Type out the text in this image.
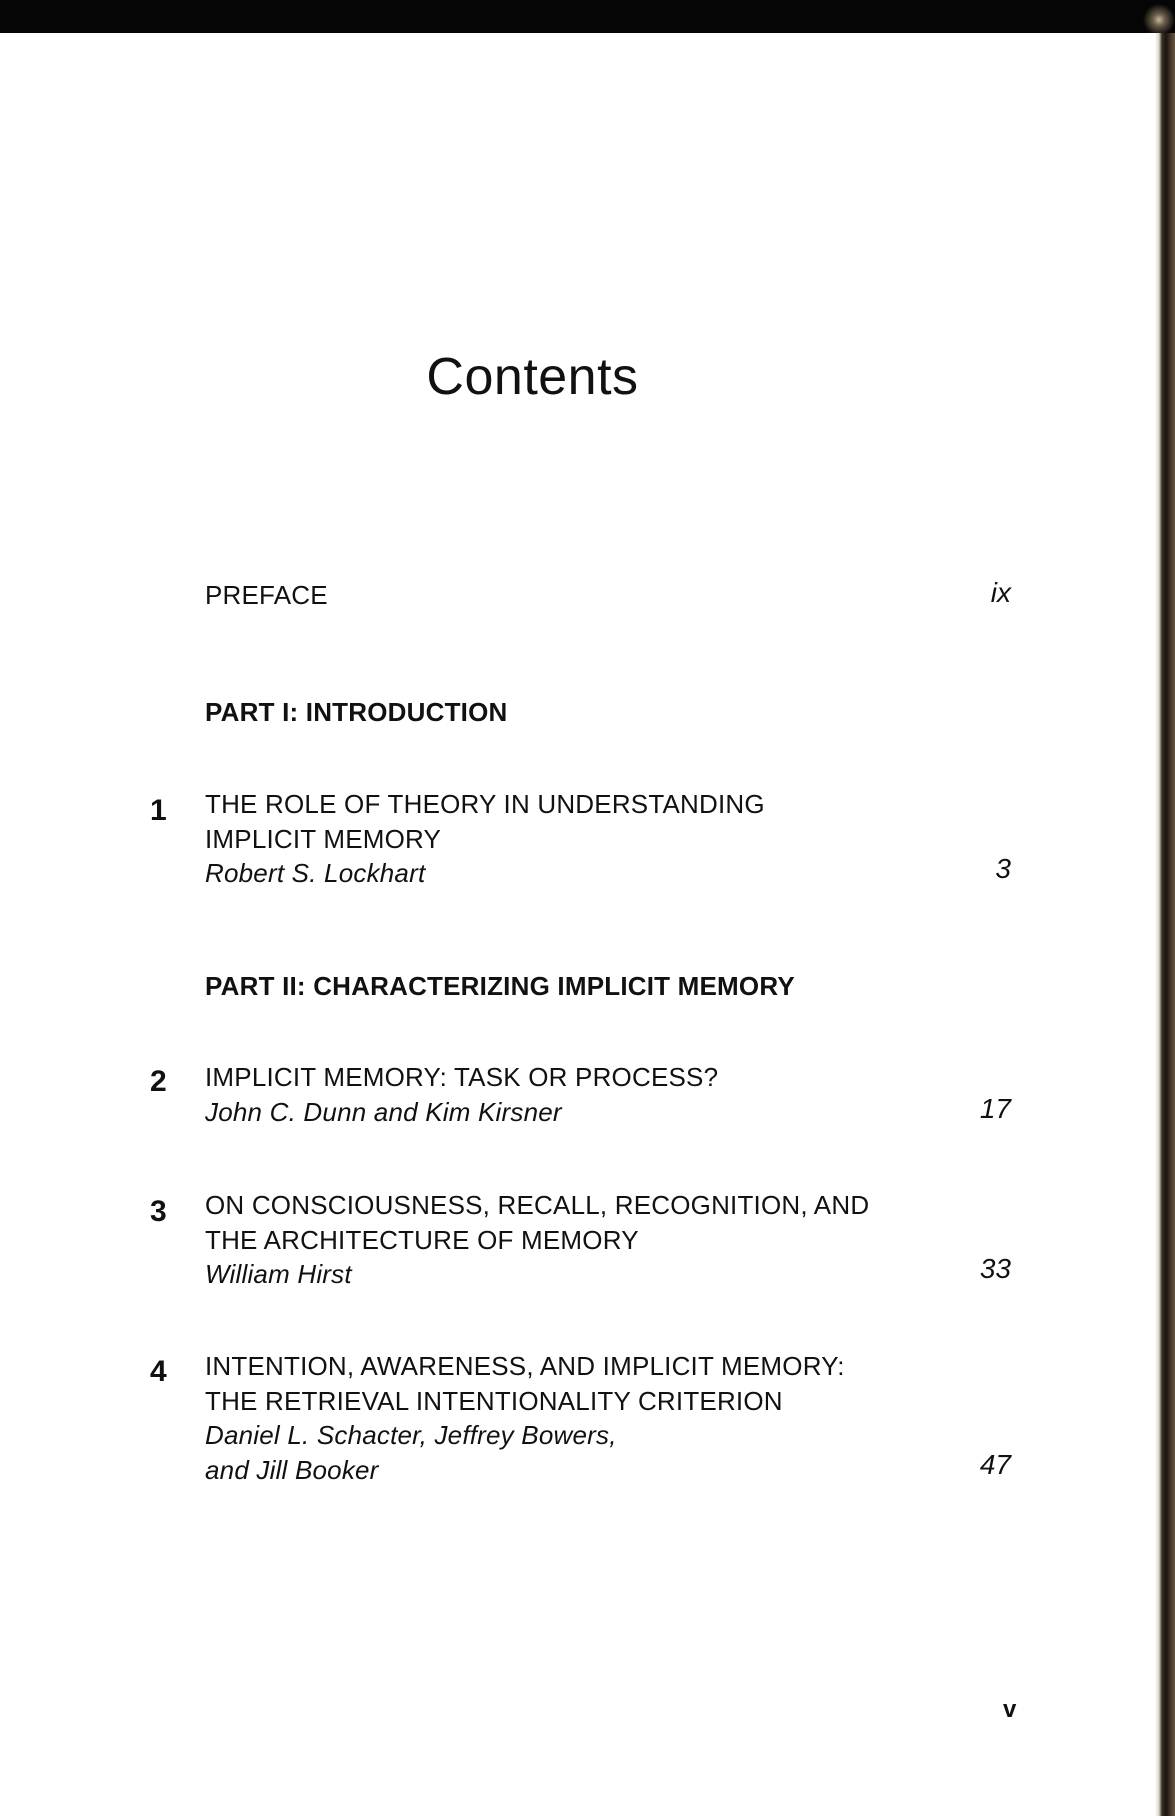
Contents
PREFACE	ix
PART I: INTRODUCTION
1 THE ROLE OF THEORY IN UNDERSTANDING
IMPLICIT MEMORY
Robert S. Lockhart	3
PART II: CHARACTERIZING IMPLICIT MEMORY
2 IMPLICIT MEMORY: TASK OR PROCESS?
John C. Dunn and Kim Kirsner	17
3 ON CONSCIOUSNESS, RECALL, RECOGNITION, AND
THE ARCHITECTURE OF MEMORY
William Hirst	33
4 INTENTION, AWARENESS, AND IMPLICIT MEMORY:
THE RETRIEVAL INTENTIONALITY CRITERION
Daniel L. Schacter, Jeffrey Bowers,
and Jill Booker	47
v
